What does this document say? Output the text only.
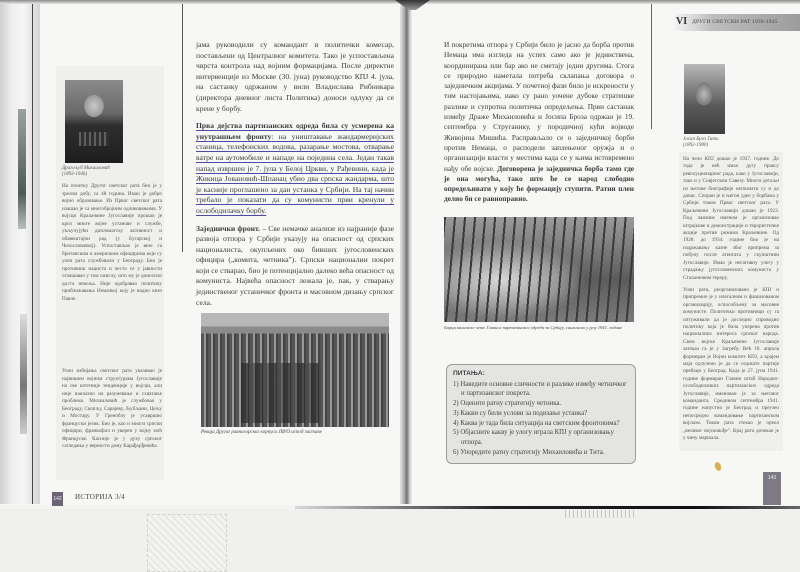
Драгољуб Михаиловић
(1893-1946)
На почетку Другог светског рата био је у зрелом добу, са 48 година. Имао је добро војно образовање. Из Првог светског рата изашао је са многобројним одликовањима. У војсци Краљевине Југославије прошао је кроз многе војне установе и службе, укључујући дипломатску активност и обавештајни рад (у Бугарској и Чехословачкој). Успостављао је везе са британским и америчким официрима који су уочи рата службовали у Београду. Био је противник нациста и често се у јавности оглашавао у том смислу, што му је доносило доста невоља. Није одобравао политику приближавања Немачкој коју је водио кнез Павле.
Уочи избијања светског рата указивао је највишим војним структурама Југославије на све штетније тенденције у војсци, али није наилазио на разумевање и схватање проблема. Михаиловић је службовао у Београду, Скопљу, Сарајеву, Љубљани, Цељу и Мостару. У Греноблу је усавршио француски језик. Био је, као и многи српски официри, франкофил и уверен у војну моћ Француске. Касније је у духу српског сагледања у верности дому Карађорђевића.

јама руководили су командант и политички комесар, постављени од Централног комитета. Тако је успостављена чврста контрола над војним формацијама. После директне интервенције из Москве (30. јуна) руководство КПЈ 4. јула, на састанку одржаном у вили Владислава Рибникара (директора дневног листа Политика) доноси одлуку да се крене у борбу.

Прва дејства партизанских одреда била су усмерена ка унутрашњем фронту: на уништавање жандармеријских станица, телефонских водова, разарање мостова, отварање ватре на аутомобиле и нападе на поједина села. Један такав напад извршен је 7. јула у Белој Цркви, у Рађевини, када је Жикица Јовановић-Шпанац убио два српска жандарма, што је касније проглашено за дан устанка у Србији. На тај начин требало је показати да су комунисти први кренули у ослободилачку борбу.

Заједнички фронт. – Све немачке анализе из најраније фазе развоја отпора у Србији указују на опасност од српских националиста, окупљених око бивших југословенских официра („комита, четника"). Српски националии покрет који се стварао, био је потенцијално далеко већа опасност од комуниста. Највећа опасност лежала је, пак, у стварању јединственог устаничког фронта и масовном дизању српског села.

Ревија Другог равногорског корпуса ЈВУО испод заставе
142 ИСТОРИЈА 3/4
VI ДРУГИ СВЕТСКИ РАТ 1939-1945
И покретима отпора у Србији било је јасно да борба против Немаца има изгледа на успех само ако је јединствена, координирана или бар ако не сметају једни другима. Стога се природно наметала потреба склапања договора о заједничким акцијама. У почетној фази било је искрености у тим настојањима, иако су рано уочене дубоке стратешке разлике и супротна политичка опредељења. Први састанак између Драже Михаиловића и Јосипа Броза одржан је 19. септембра у Струганику, у породичној кући војводе Живојина Мишића. Расправљало се о заједничкој борби против Немаца, о расподели заплењеног оружја и о организацији власти у местима када се у њима истовремено нађу обе војске. Договорена је заједничка борба тамо где је она могућа, тако што ће се народ слободно опредељивати у коју ће формацију ступити. Ратни плен делио би се равноправно.
Борци ваљевске чете Главног партизанског одреда за Србију, снимљено у јулу 1941. године
ПИТАЊА:
1) Наведите основне сличности и разлике између четничког и партизанског покрета.
2) Оцените ратну стратегију четника.
3) Какви су били услови за подизање устанка?
4) Каква је тада била ситуација на светским фронтовима?
5) Објасните какву је улогу играла КПЈ у организовању отпора.
6) Упоредите ратну стратегију Михаиловића и Тита.
Јосип Броз Тито
(1892-1980)

На чело КПЈ дошао је 1937. године. До тада је већ имао дугу праксу револуционарног рада, како у Југославији, тако и у Совјетском Савезу. Многи детаљи из његове биографије непознати су и до данас. Споран је и његов удео у борбама у Србији током Првог светског рата. У Краљевини Југославији дошао је 1923. Под лажним именом је организовао штрајкове и демонстрације и терористичке акције против режима Краљевине. Од 1928. до 1934. године био је на издржавању казне због припрема за побуну после атентата у скупштини Југославије. Имао је негативну улогу у страдању југословенских комуниста у Стаљиновом терору.

Уочи рата, реорганизовано је КПЈ и припремио је у илегалном и фашизованом организацију, оспособљену за масовне комунисте. Политички противници су га оптуживали да је доследно спроводио политику која је била уперена против националних интереса српског народа. Свом војскe Краљевине Југославије затекао га је у Загребу. Већ 10. априла формиран је Војни комитет КПЈ, а крајем маја одлучено је да се седиште партије пребаци у Београд. Када је 27. јуна 1941. године формиран Главни штаб Народно-ослободилачких партизанских одреда Југославије, именован је за његовог команданта. Средином септембра 1941. године напустио је Београд и преузео непосредно командовање партизанском војском. Током рата стекао је ореол „великог војсковође". Крај рата дочекао је у чину маршала.

143
